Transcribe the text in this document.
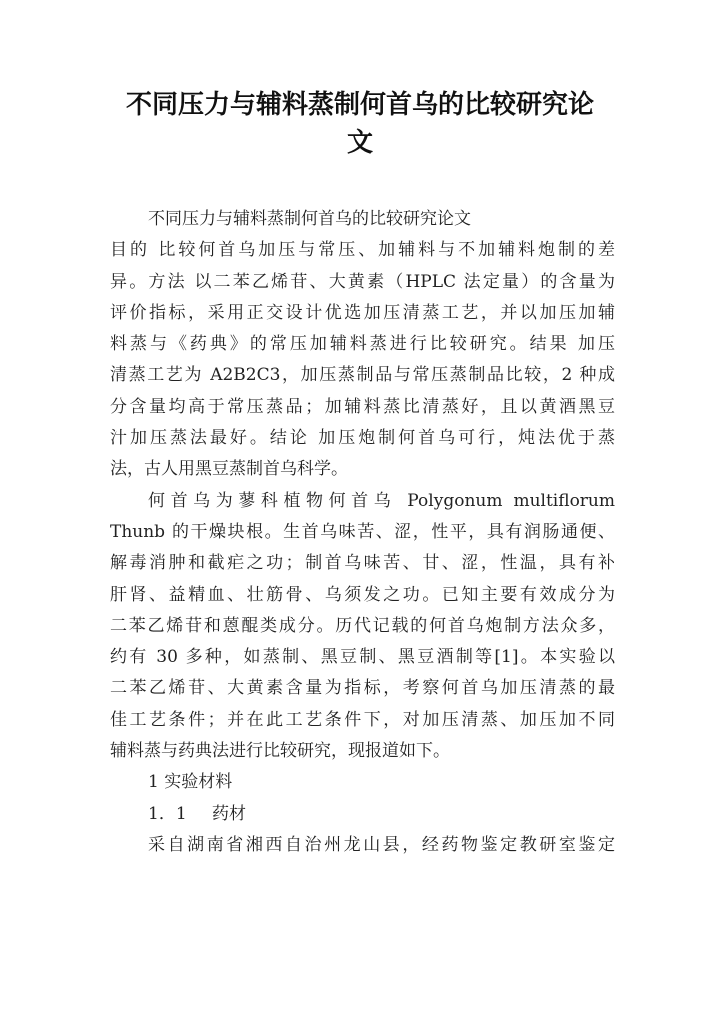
不同压力与辅料蒸制何首乌的比较研究论
文
不同压力与辅料蒸制何首乌的比较研究论文
目的 比较何首乌加压与常压、加辅料与不加辅料炮制的差
异。方法 以二苯乙烯苷、大黄素（HPLC 法定量）的含量为
评价指标，采用正交设计优选加压清蒸工艺，并以加压加辅
料蒸与《药典》的常压加辅料蒸进行比较研究。结果 加压
清蒸工艺为 A2B2C3，加压蒸制品与常压蒸制品比较，2 种成
分含量均高于常压蒸品；加辅料蒸比清蒸好，且以黄酒黑豆
汁加压蒸法最好。结论 加压炮制何首乌可行，炖法优于蒸
法，古人用黑豆蒸制首乌科学。
何首乌为蓼科植物何首乌 Polygonum multiflorum
Thunb 的干燥块根。生首乌味苦、涩，性平，具有润肠通便、
解毒消肿和截疟之功；制首乌味苦、甘、涩，性温，具有补
肝肾、益精血、壮筋骨、乌须发之功。已知主要有效成分为
二苯乙烯苷和蒽醌类成分。历代记载的何首乌炮制方法众多，
约有 30 多种，如蒸制、黑豆制、黑豆酒制等[1]。本实验以
二苯乙烯苷、大黄素含量为指标，考察何首乌加压清蒸的最
佳工艺条件；并在此工艺条件下，对加压清蒸、加压加不同
辅料蒸与药典法进行比较研究，现报道如下。
1 实验材料
1．1 药材
采自湖南省湘西自治州龙山县，经药物鉴定教研室鉴定
